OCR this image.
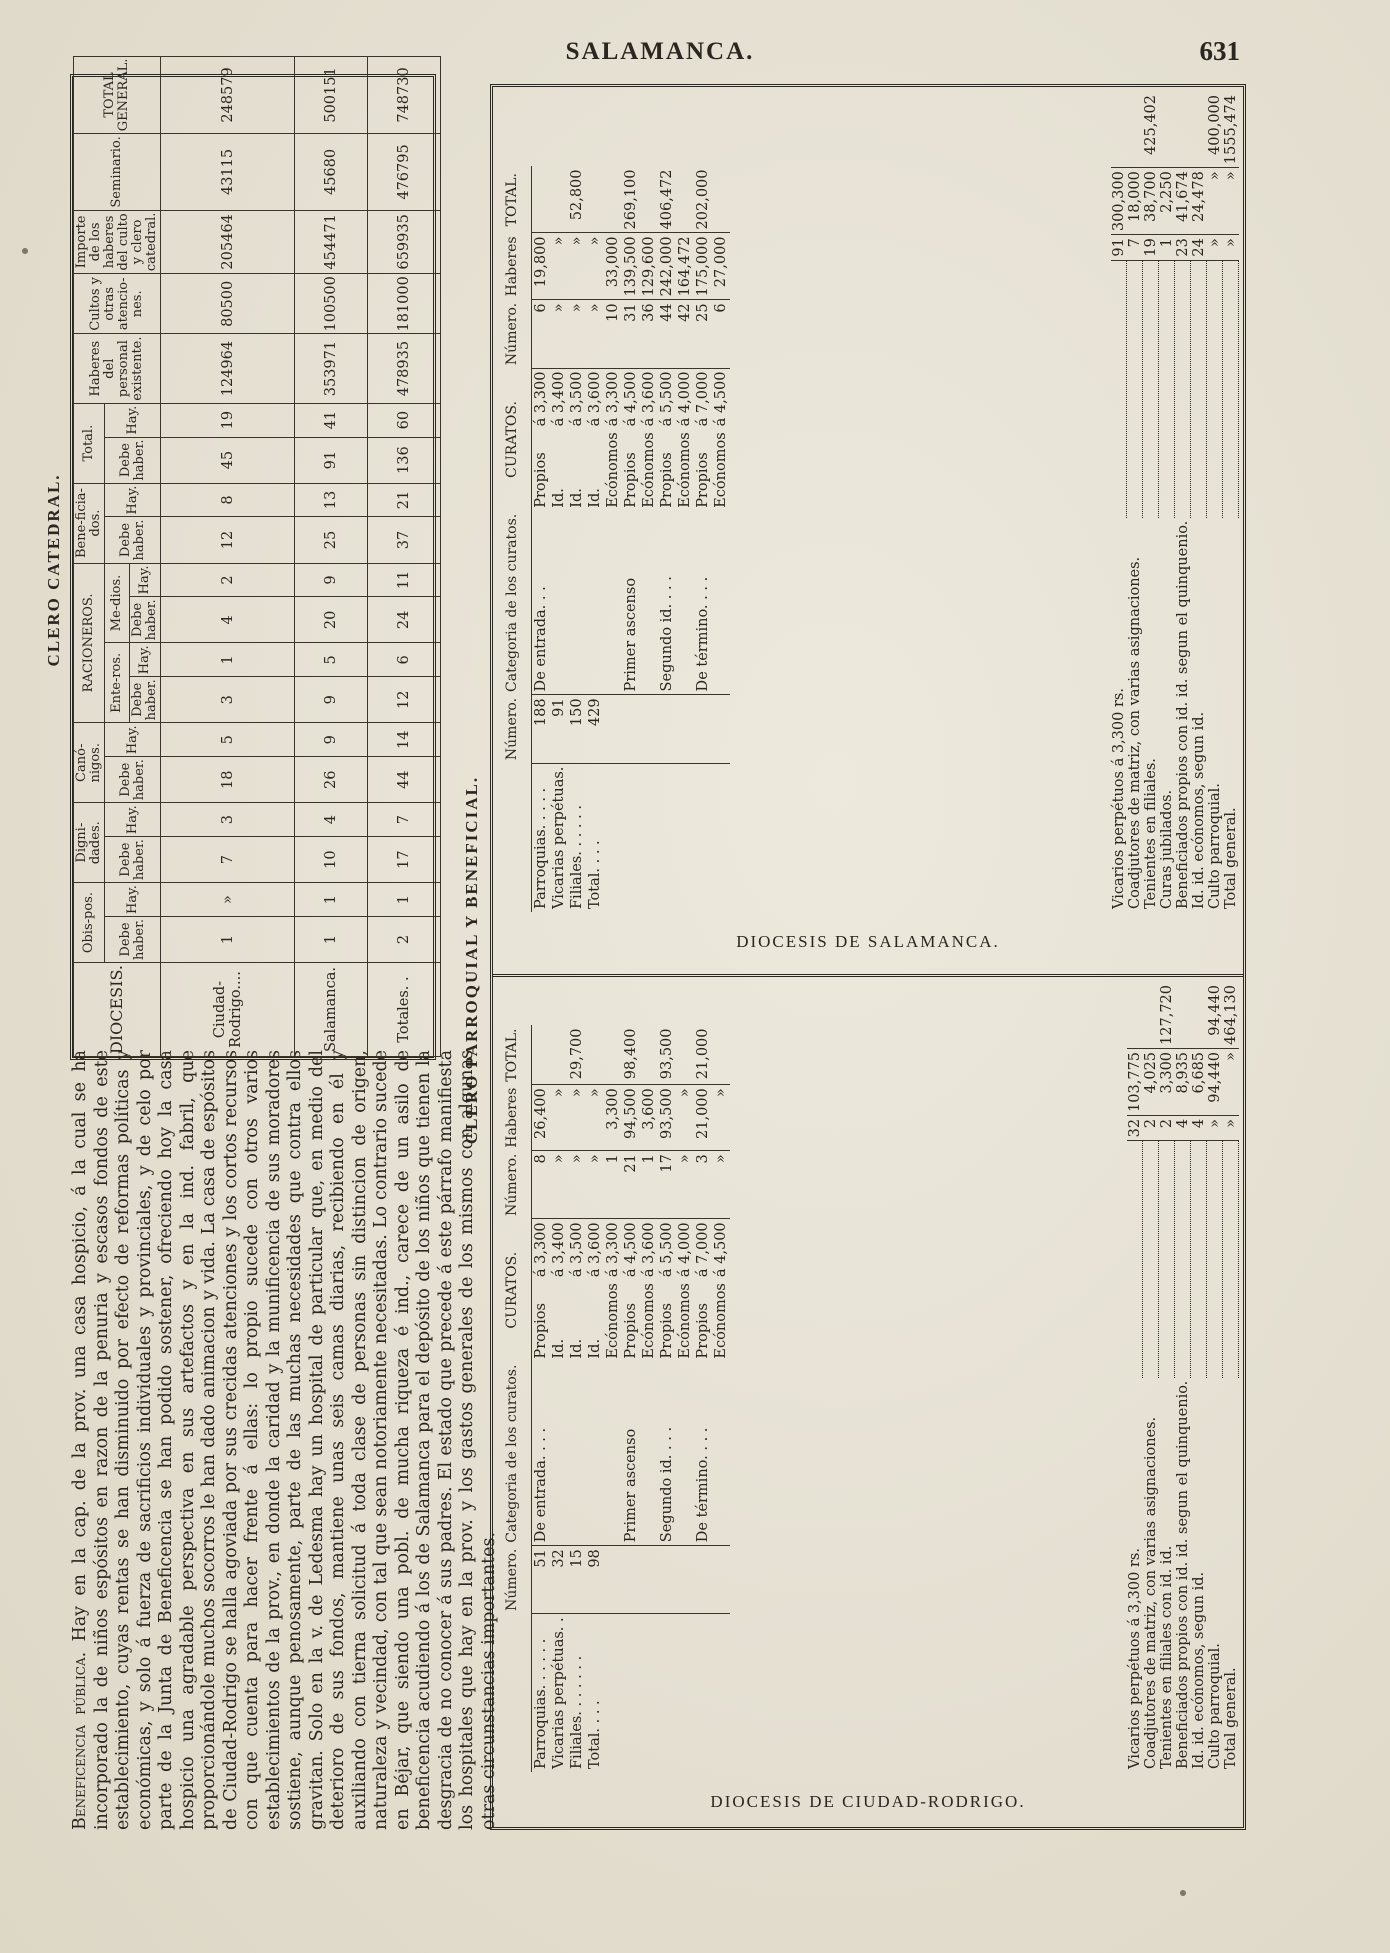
SALAMANCA.	631
Beneficencia pública. Hay en la cap. de la prov. una casa hospicio, á la cual se ha incorporado la de niños espósitos en razon de la penuria y escasos fondos de este establecimiento, cuyas rentas se han disminuido por efecto de reformas políticas y económicas, y solo á fuerza de sacrificios individuales y provinciales, y de celo por parte de la Junta de Beneficencia se han podido sostener, ofreciendo hoy la casa hospicio una agradable perspectiva en sus artefactos y en la ind. fabril, que proporcionándole muchos socorros le han dado animacion y vida. La casa de espósitos de Ciudad-Rodrigo se halla agoviada por sus crecidas atenciones y los cortos recursos con que cuenta para hacer frente á ellas: lo propio sucede con otros varios establecimientos de la prov., en donde la caridad y la munificencia de sus moradores sostiene, aunque penosamente, parte de las muchas necesidades que contra ellos gravitan. Solo en la v. de Ledesma hay un hospital de particular que, en medio del deterioro de sus fondos, mantiene unas seis camas diarias, recibiendo en él y auxiliando con tierna solicitud á toda clase de personas sin distincion de origen, naturaleza y vecindad, con tal que sean notoriamente necesitadas. Lo contrario sucede en Béjar, que siendo una pobl. de mucha riqueza é ind., carece de un asilo de beneficencia acudiendo á los de Salamanca para el depósito de los niños que tienen la desgracia de no conocer á sus padres. El estado que precede á este párrafo manifiesta los hospitales que hay en la prov. y los gastos generales de los mismos con algunas otras circunstancias importantes.
CLERO CATEDRAL.
DIOCESIS.	Obis-pos.		Digni-dades.		Canó-nigos.		RACIONEROS.				Bene-ficia-dos.		Total.		Haberes del personal existente.	Cultos y otras atencio-nes.	Importe de los haberes del culto y clero catedral.	Seminario.	TOTAL GENERAL.
	Debe haber.	Hay.	Debe haber.	Hay.	Debe haber.	Hay.	Ente-ros.		Me-dios.		Debe haber.	Hay.	Debe haber.	Hay.					
							Debe haber.	Hay.	Debe haber.	Hay.									
Ciudad-Rodrigo....	1	»	7	3	18	5	3	1	4	2	12	8	45	19	124964	80500	205464	43115	248579
Salamanca.	1	1	10	4	26	9	9	5	20	9	25	13	91	41	353971	100500	454471	45680	500151
Totales. .	2	1	17	7	44	14	12	6	24	11	37	21	136	60	478935	181000	659935	476795	748730
CLERO PARROQUIAL Y BENEFICIAL.
DIOCESIS DE CIUDAD-RODRIGO.
	Número.	Categoria de los curatos.	CURATOS.		Número.	Haberes	TOTAL.
Parroquias. . . . . .	51	De entrada. . . .	Propios	á 3,300	8	26,400	
Vicarias perpétuas. .	32		Id.	á 3,400	»	»	
Filiales. . . . . . .	15		Id.	á 3,500	»	»	29,700
Total. . . .	98		Id.	á 3,600	»	»	
			Ecónomos	á 3,300	1	3,300	
		Primer ascenso	Propios	á 4,500	21	94,500	98,400
			Ecónomos	á 3,600	1	3,600	
		Segundo id. . . .	Propios	á 5,500	17	93,500	93,500
			Ecónomos	á 4,000	»	»	
		De término. . . .	Propios	á 7,000	3	21,000	21,000
			Ecónomos	á 4,500	»	»	
Vicarios perpétuos á 3,300 rs.		32	103,775	
Coadjutores de matriz, con varias asignaciones.		2	4,025	
Tenientes en filiales con id. id.		2	3,300	127,720
Beneficiados propios con id. id. segun el quinquenio.		4	8,935	
Id. id. ecónomos, segun id.		4	6,685	
Culto parroquial.		»	94,440	94,440
Total general.		»	»	464,130
DIOCESIS DE SALAMANCA.
	Número.	Categoria de los curatos.	CURATOS.		Número.	Haberes	TOTAL.
Parroquias. . . . .	188	De entrada. . .	Propios	á 3,300	6	19,800	
Vicarias perpétuas.	91		Id.	á 3,400	»	»	
Filiales. . . . . .	150		Id.	á 3,500	»	»	52,800
Total. . . .	429		Id.	á 3,600	»	»	
			Ecónomos	á 3,300	10	33,000	
		Primer ascenso	Propios	á 4,500	31	139,500	269,100
			Ecónomos	á 3,600	36	129,600	
		Segundo id. . . .	Propios	á 5,500	44	242,000	406,472
			Ecónomos	á 4,000	42	164,472	
		De término. . . .	Propios	á 7,000	25	175,000	202,000
			Ecónomos	á 4,500	6	27,000	
Vicarios perpétuos á 3,300 rs.		91	300,300	
Coadjutores de matriz, con varias asignaciones.		7	18,000	
Tenientes en filiales.		19	38,700	425,402
Curas jubilados.		1	2,250	
Beneficiados propios con id. id. segun el quinquenio.		23	41,674	
Id. id. ecónomos, segun id.		24	24,478	
Culto parroquial.		»	»	400,000
Total general.		»	»	1555,474
